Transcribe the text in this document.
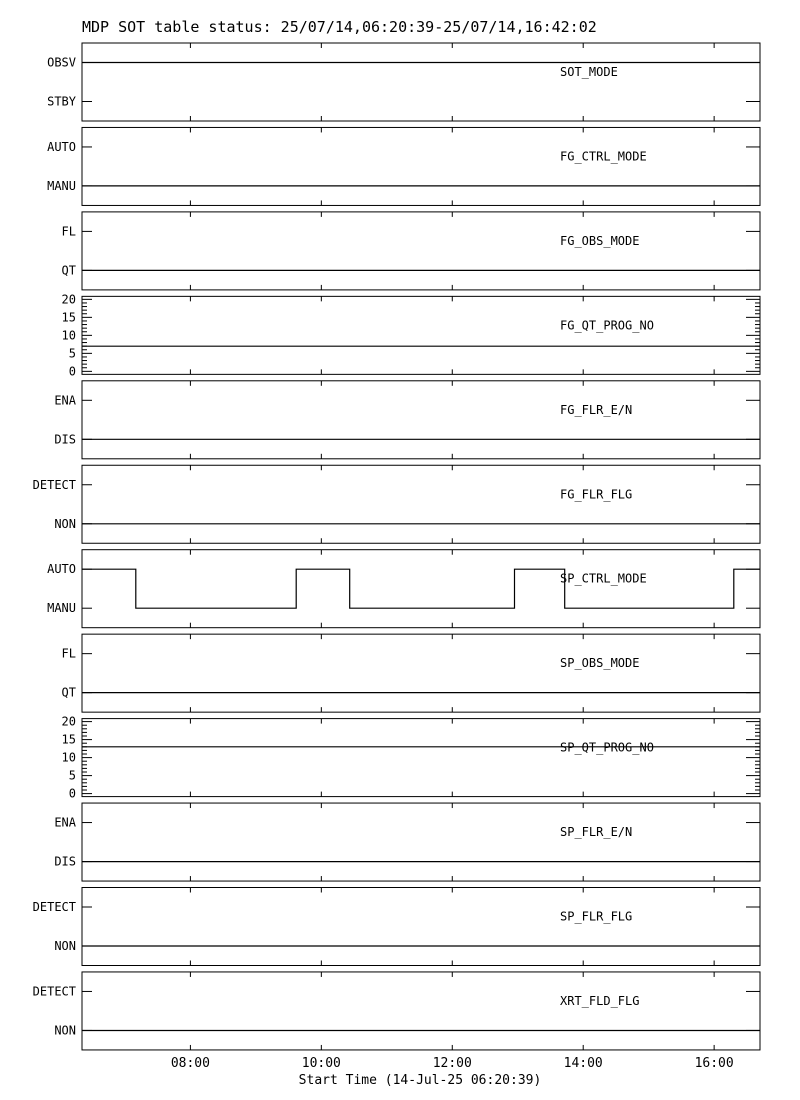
MDP SOT table status: 25/07/14,06:20:39-25/07/14,16:42:02
STBY
OBSV
SOT_MODE
MANU
AUTO
FG_CTRL_MODE
QT
FL
FG_OBS_MODE
0
5
10
15
20
FG_QT_PROG_NO
DIS
ENA
FG_FLR_E/N
NON
DETECT
FG_FLR_FLG
MANU
AUTO
SP_CTRL_MODE
QT
FL
SP_OBS_MODE
0
5
10
15
20
SP_QT_PROG_NO
DIS
ENA
SP_FLR_E/N
NON
DETECT
SP_FLR_FLG
NON
DETECT
XRT_FLD_FLG
08:00	10:00	12:00	14:00	16:00
Start Time (14-Jul-25 06:20:39)
